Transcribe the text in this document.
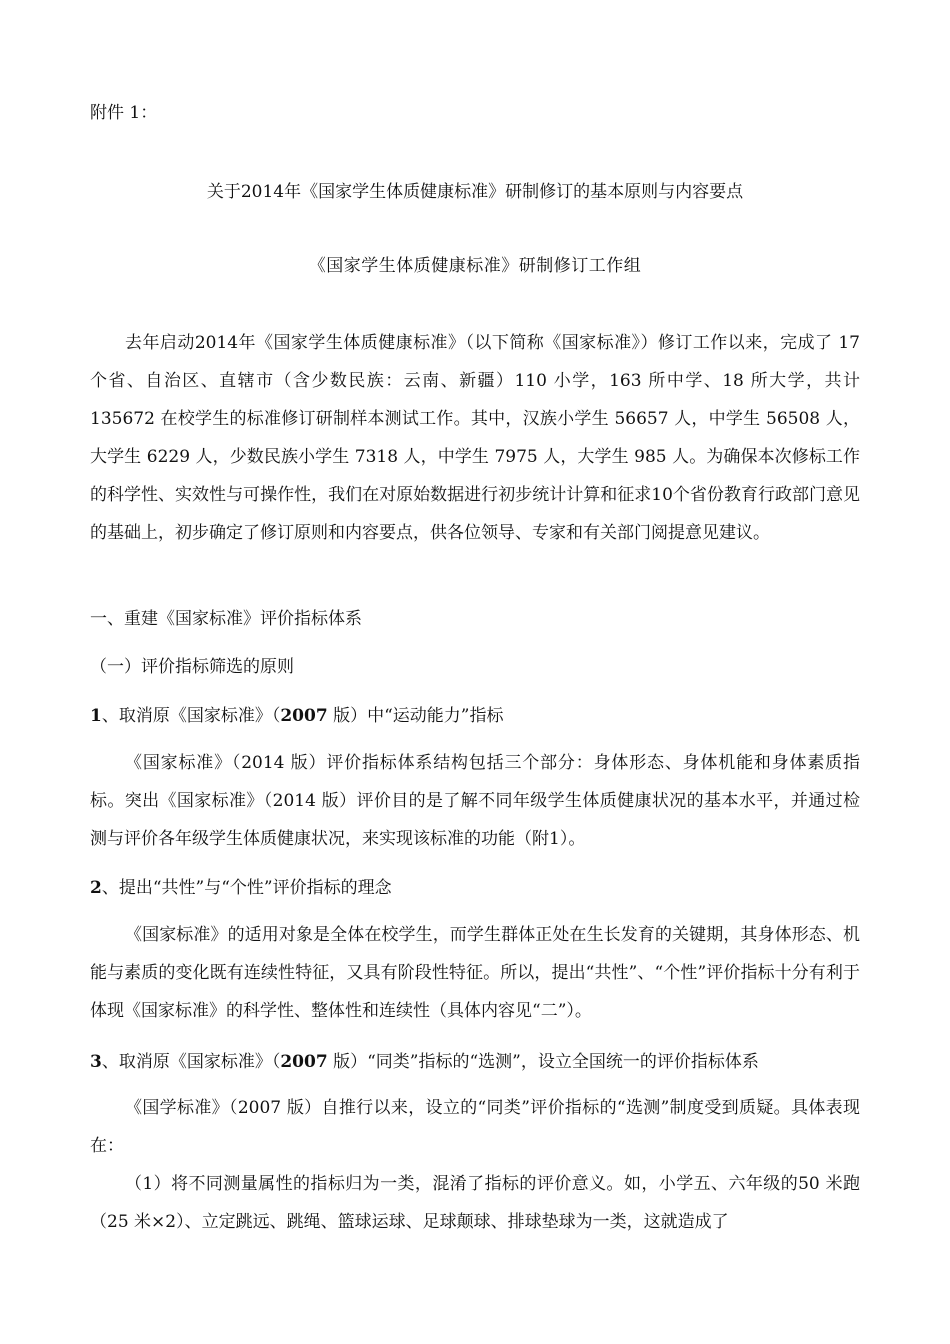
附件 1：
关于2014年《国家学生体质健康标准》研制修订的基本原则与内容要点
《国家学生体质健康标准》研制修订工作组
去年启动2014年《国家学生体质健康标准》（以下简称《国家标准》）修订工作以来，完成了 17 个省、自治区、直辖市（含少数民族：云南、新疆）110 小学，163 所中学、18 所大学，共计 135672 在校学生的标准修订研制样本测试工作。其中，汉族小学生 56657 人，中学生 56508 人，大学生 6229 人，少数民族小学生 7318 人，中学生 7975 人，大学生 985 人。为确保本次修标工作的科学性、实效性与可操作性，我们在对原始数据进行初步统计计算和征求10个省份教育行政部门意见的基础上，初步确定了修订原则和内容要点，供各位领导、专家和有关部门阅提意见建议。
一、重建《国家标准》评价指标体系
（一）评价指标筛选的原则
1、取消原《国家标准》（2007 版）中“运动能力”指标
《国家标准》（2014 版）评价指标体系结构包括三个部分：身体形态、身体机能和身体素质指标。突出《国家标准》（2014 版）评价目的是了解不同年级学生体质健康状况的基本水平，并通过检测与评价各年级学生体质健康状况，来实现该标准的功能（附1）。
2、提出“共性”与“个性”评价指标的理念
《国家标准》的适用对象是全体在校学生，而学生群体正处在生长发育的关键期，其身体形态、机能与素质的变化既有连续性特征，又具有阶段性特征。所以，提出“共性”、“个性”评价指标十分有利于体现《国家标准》的科学性、整体性和连续性（具体内容见“二”）。
3、取消原《国家标准》（2007 版）“同类”指标的“选测”，设立全国统一的评价指标体系
《国学标准》（2007 版）自推行以来，设立的“同类”评价指标的“选测”制度受到质疑。具体表现在：
（1）将不同测量属性的指标归为一类，混淆了指标的评价意义。如，小学五、六年级的50 米跑（25 米×2）、立定跳远、跳绳、篮球运球、足球颠球、排球垫球为一类，这就造成了
